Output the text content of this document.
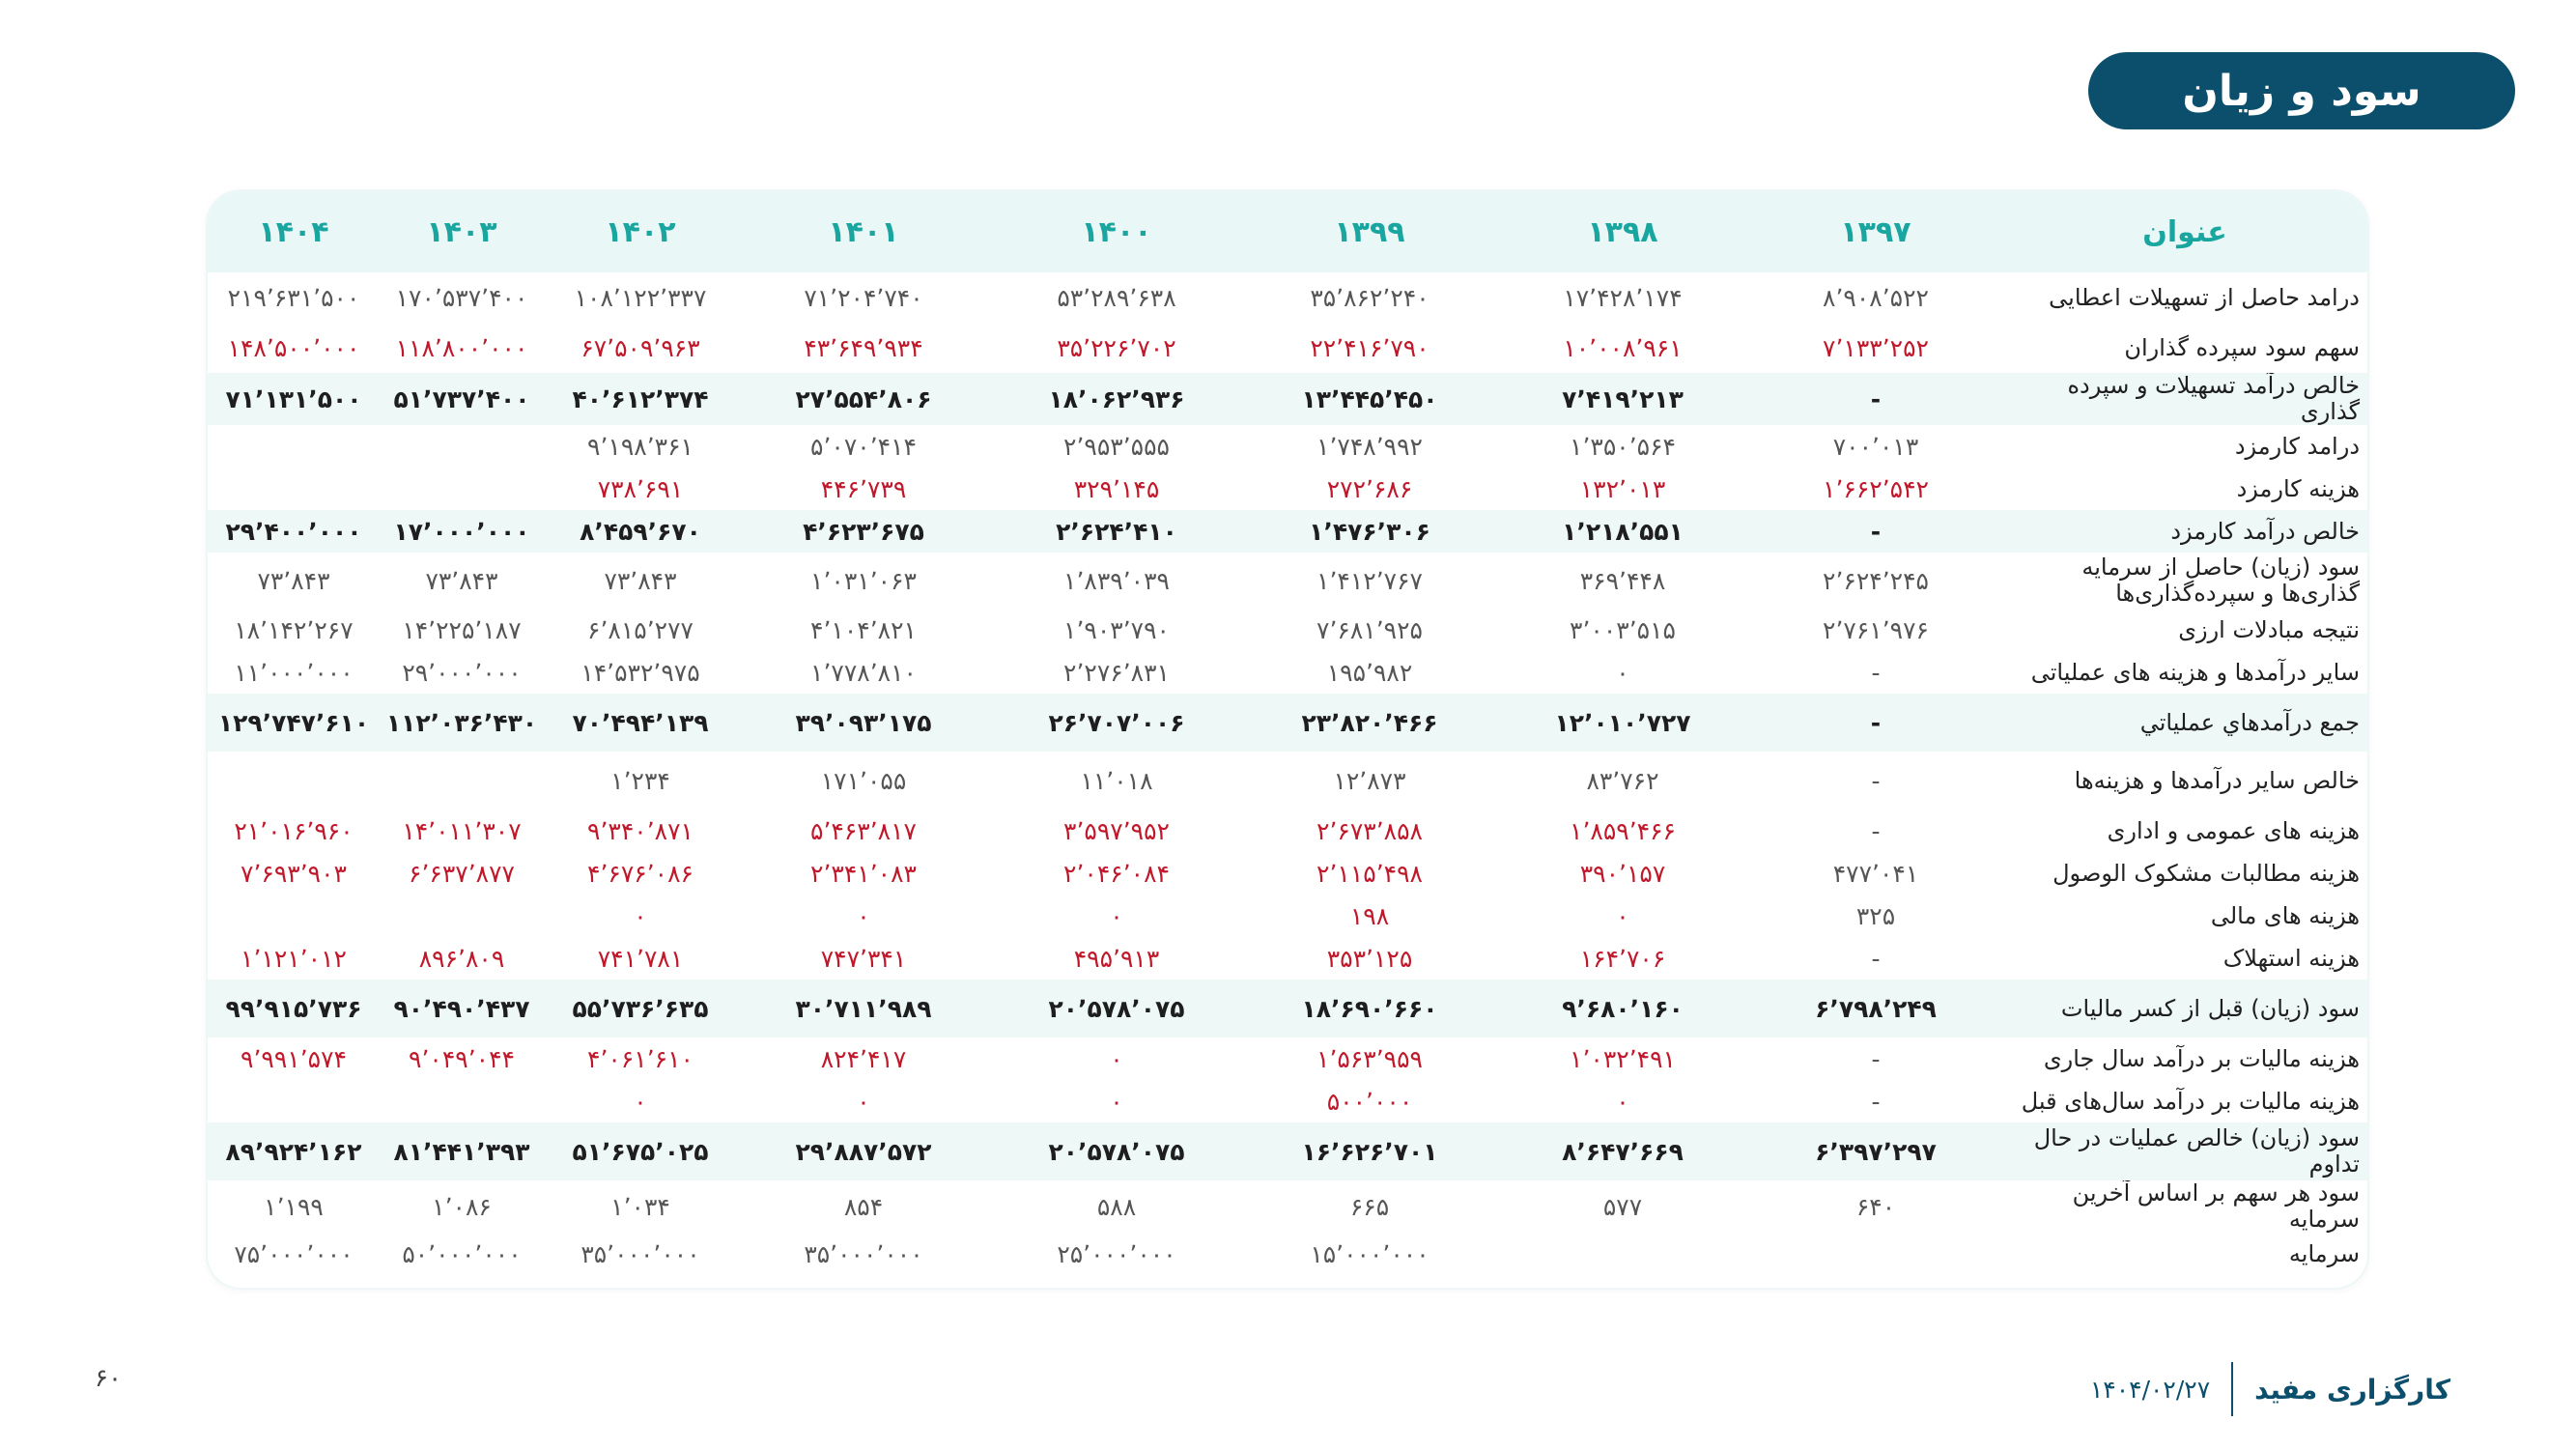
سود و زیان
عنوان	۱۳۹۷	۱۳۹۸	۱۳۹۹	۱۴۰۰	۱۴۰۱	۱۴۰۲	۱۴۰۳	۱۴۰۴
درامد حاصل از تسهیلات اعطایی	۸٬۹۰۸٬۵۲۲	۱۷٬۴۲۸٬۱۷۴	۳۵٬۸۶۲٬۲۴۰	۵۳٬۲۸۹٬۶۳۸	۷۱٬۲۰۴٬۷۴۰	۱۰۸٬۱۲۲٬۳۳۷	۱۷۰٬۵۳۷٬۴۰۰	۲۱۹٬۶۳۱٬۵۰۰
سهم سود سپرده گذاران	۷٬۱۳۳٬۲۵۲	۱۰٬۰۰۸٬۹۶۱	۲۲٬۴۱۶٬۷۹۰	۳۵٬۲۲۶٬۷۰۲	۴۳٬۶۴۹٬۹۳۴	۶۷٬۵۰۹٬۹۶۳	۱۱۸٬۸۰۰٬۰۰۰	۱۴۸٬۵۰۰٬۰۰۰
خالص درآمد تسهیلات و سپرده گذاری	-	۷٬۴۱۹٬۲۱۳	۱۳٬۴۴۵٬۴۵۰	۱۸٬۰۶۲٬۹۳۶	۲۷٬۵۵۴٬۸۰۶	۴۰٬۶۱۲٬۳۷۴	۵۱٬۷۳۷٬۴۰۰	۷۱٬۱۳۱٬۵۰۰
درامد کارمزد	۷۰۰٬۰۱۳	۱٬۳۵۰٬۵۶۴	۱٬۷۴۸٬۹۹۲	۲٬۹۵۳٬۵۵۵	۵٬۰۷۰٬۴۱۴	۹٬۱۹۸٬۳۶۱		
هزینه کارمزد	۱٬۶۶۲٬۵۴۲	۱۳۲٬۰۱۳	۲۷۲٬۶۸۶	۳۲۹٬۱۴۵	۴۴۶٬۷۳۹	۷۳۸٬۶۹۱		
خالص درآمد کارمزد	-	۱٬۲۱۸٬۵۵۱	۱٬۴۷۶٬۳۰۶	۲٬۶۲۴٬۴۱۰	۴٬۶۲۳٬۶۷۵	۸٬۴۵۹٬۶۷۰	۱۷٬۰۰۰٬۰۰۰	۲۹٬۴۰۰٬۰۰۰
سود (زیان) حاصل از سرمایه گذاری‌ها و سپرده‌گذاری‌ها	۲٬۶۲۴٬۲۴۵	۳۶۹٬۴۴۸	۱٬۴۱۲٬۷۶۷	۱٬۸۳۹٬۰۳۹	۱٬۰۳۱٬۰۶۳	۷۳٬۸۴۳	۷۳٬۸۴۳	۷۳٬۸۴۳
نتیجه مبادلات ارزی	۲٬۷۶۱٬۹۷۶	۳٬۰۰۳٬۵۱۵	۷٬۶۸۱٬۹۲۵	۱٬۹۰۳٬۷۹۰	۴٬۱۰۴٬۸۲۱	۶٬۸۱۵٬۲۷۷	۱۴٬۲۲۵٬۱۸۷	۱۸٬۱۴۲٬۲۶۷
سایر درآمدها و هزینه های عملیاتی	-	۰	۱۹۵٬۹۸۲	۲٬۲۷۶٬۸۳۱	۱٬۷۷۸٬۸۱۰	۱۴٬۵۳۲٬۹۷۵	۲۹٬۰۰۰٬۰۰۰	۱۱٬۰۰۰٬۰۰۰
جمع درآمدهاي عملياتي	-	۱۲٬۰۱۰٬۷۲۷	۲۳٬۸۲۰٬۴۶۶	۲۶٬۷۰۷٬۰۰۶	۳۹٬۰۹۳٬۱۷۵	۷۰٬۴۹۴٬۱۳۹	۱۱۲٬۰۳۶٬۴۳۰	۱۲۹٬۷۴۷٬۶۱۰
خالص سایر درآمدها و هزینه‌ها	-	۸۳٬۷۶۲	۱۲٬۸۷۳	۱۱٬۰۱۸	۱۷۱٬۰۵۵	۱٬۲۳۴		
هزینه های عمومی و اداری	-	۱٬۸۵۹٬۴۶۶	۲٬۶۷۳٬۸۵۸	۳٬۵۹۷٬۹۵۲	۵٬۴۶۳٬۸۱۷	۹٬۳۴۰٬۸۷۱	۱۴٬۰۱۱٬۳۰۷	۲۱٬۰۱۶٬۹۶۰
هزینه مطالبات مشکوک الوصول	۴۷۷٬۰۴۱	۳۹۰٬۱۵۷	۲٬۱۱۵٬۴۹۸	۲٬۰۴۶٬۰۸۴	۲٬۳۴۱٬۰۸۳	۴٬۶۷۶٬۰۸۶	۶٬۶۳۷٬۸۷۷	۷٬۶۹۳٬۹۰۳
هزینه های مالی	۳۲۵	۰	۱۹۸	۰	۰	۰		
هزینه استهلاک	-	۱۶۴٬۷۰۶	۳۵۳٬۱۲۵	۴۹۵٬۹۱۳	۷۴۷٬۳۴۱	۷۴۱٬۷۸۱	۸۹۶٬۸۰۹	۱٬۱۲۱٬۰۱۲
سود (زیان) قبل از کسر مالیات	۶٬۷۹۸٬۲۴۹	۹٬۶۸۰٬۱۶۰	۱۸٬۶۹۰٬۶۶۰	۲۰٬۵۷۸٬۰۷۵	۳۰٬۷۱۱٬۹۸۹	۵۵٬۷۳۶٬۶۳۵	۹۰٬۴۹۰٬۴۳۷	۹۹٬۹۱۵٬۷۳۶
هزینه مالیات بر درآمد سال جاری	-	۱٬۰۳۲٬۴۹۱	۱٬۵۶۳٬۹۵۹	۰	۸۲۴٬۴۱۷	۴٬۰۶۱٬۶۱۰	۹٬۰۴۹٬۰۴۴	۹٬۹۹۱٬۵۷۴
هزینه مالیات بر درآمد سال‌های قبل	-	۰	۵۰۰٬۰۰۰	۰	۰	۰		
سود (زیان) خالص عملیات در حال تداوم	۶٬۳۹۷٬۲۹۷	۸٬۶۴۷٬۶۶۹	۱۶٬۶۲۶٬۷۰۱	۲۰٬۵۷۸٬۰۷۵	۲۹٬۸۸۷٬۵۷۲	۵۱٬۶۷۵٬۰۲۵	۸۱٬۴۴۱٬۳۹۳	۸۹٬۹۲۴٬۱۶۲
سود هر سهم بر اساس آخرین سرمایه	۶۴۰	۵۷۷	۶۶۵	۵۸۸	۸۵۴	۱٬۰۳۴	۱٬۰۸۶	۱٬۱۹۹
سرمایه			۱۵٬۰۰۰٬۰۰۰	۲۵٬۰۰۰٬۰۰۰	۳۵٬۰۰۰٬۰۰۰	۳۵٬۰۰۰٬۰۰۰	۵۰٬۰۰۰٬۰۰۰	۷۵٬۰۰۰٬۰۰۰
۶۰	کارگزاری مفید
۱۴۰۴/۰۲/۲۷
